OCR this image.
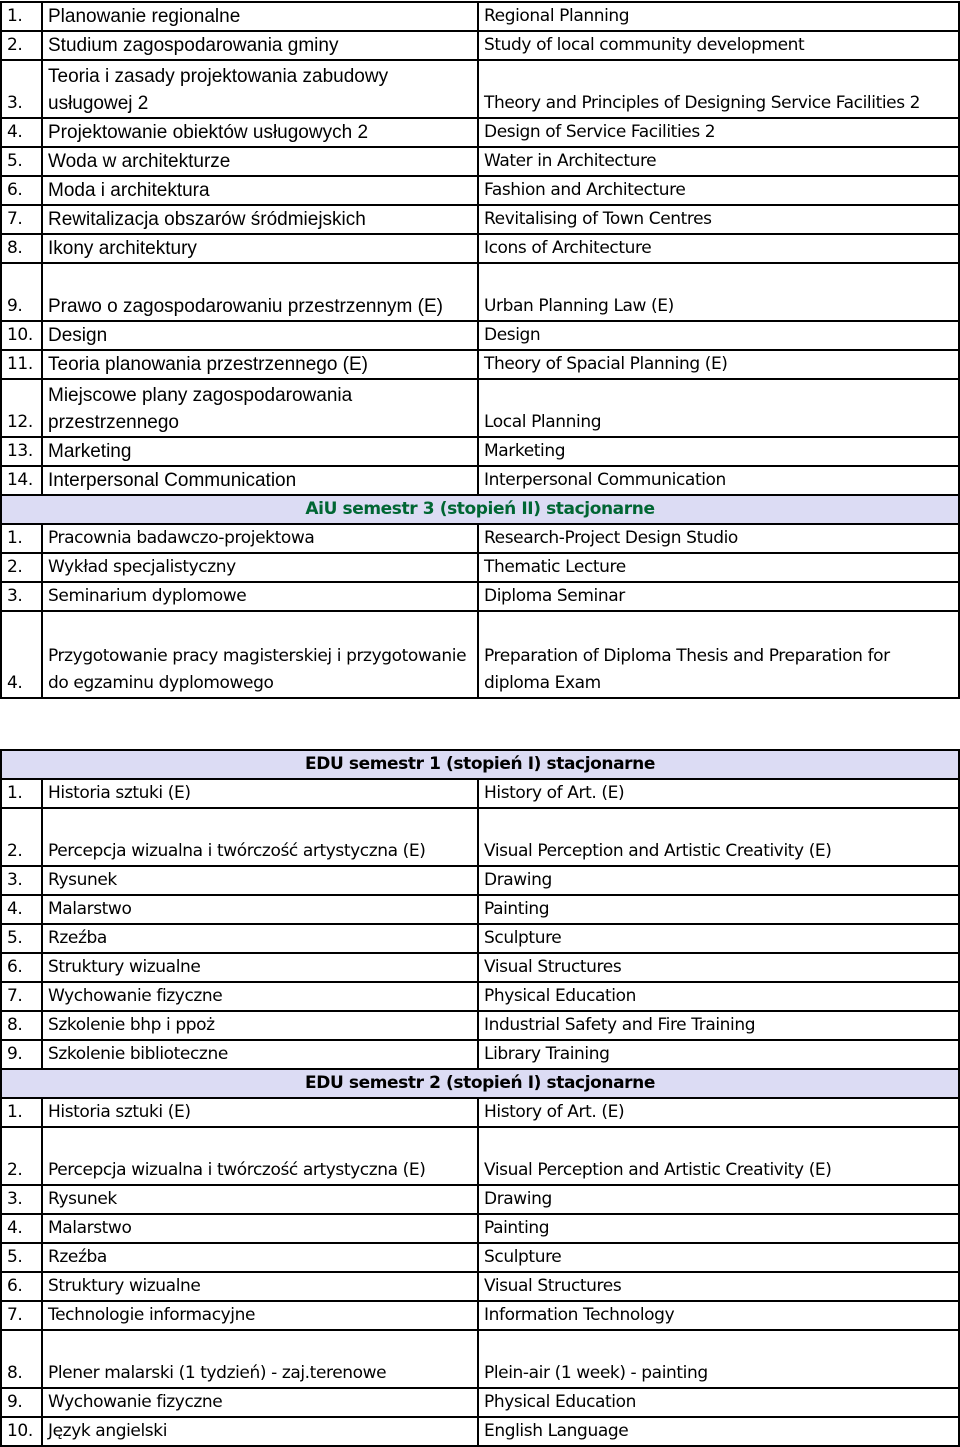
1.	Planowanie regionalne	Regional Planning
2.	Studium zagospodarowania gminy	Study of local community development
3.	Teoria i zasady projektowania zabudowy usługowej 2	Theory and Principles of Designing Service Facilities 2
4.	Projektowanie obiektów usługowych 2	Design of Service Facilities 2
5.	Woda w architekturze	Water in Architecture
6.	Moda i architektura	Fashion and Architecture
7.	Rewitalizacja obszarów śródmiejskich	Revitalising of Town Centres
8.	Ikony architektury	Icons of Architecture
9.	Prawo o zagospodarowaniu przestrzennym (E)	Urban Planning Law (E)
10.	Design	Design
11.	Teoria planowania przestrzennego (E)	Theory of Spacial Planning (E)
12.	Miejscowe plany zagospodarowania przestrzennego	Local Planning
13.	Marketing	Marketing
14.	Interpersonal Communication	Interpersonal Communication
AiU semestr 3 (stopień II) stacjonarne		
1.	Pracownia badawczo-projektowa	Research-Project Design Studio
2.	Wykład specjalistyczny	Thematic Lecture
3.	Seminarium dyplomowe	Diploma Seminar
4.	Przygotowanie pracy magisterskiej i przygotowanie do egzaminu dyplomowego	Preparation of Diploma Thesis and Preparation for diploma Exam
EDU semestr 1 (stopień I) stacjonarne		
1.	Historia sztuki (E)	History of Art. (E)
2.	Percepcja wizualna i twórczość artystyczna (E)	Visual Perception and Artistic Creativity (E)
3.	Rysunek	Drawing
4.	Malarstwo	Painting
5.	Rzeźba	Sculpture
6.	Struktury wizualne	Visual Structures
7.	Wychowanie fizyczne	Physical Education
8.	Szkolenie bhp i ppoż	Industrial Safety and Fire Training
9.	Szkolenie biblioteczne	Library Training
EDU semestr 2 (stopień I) stacjonarne		
1.	Historia sztuki (E)	History of Art. (E)
2.	Percepcja wizualna i twórczość artystyczna (E)	Visual Perception and Artistic Creativity (E)
3.	Rysunek	Drawing
4.	Malarstwo	Painting
5.	Rzeźba	Sculpture
6.	Struktury wizualne	Visual Structures
7.	Technologie informacyjne	Information Technology
8.	Plener malarski (1 tydzień) - zaj.terenowe	Plein-air (1 week) - painting
9.	Wychowanie fizyczne	Physical Education
10.	Język angielski	English Language
